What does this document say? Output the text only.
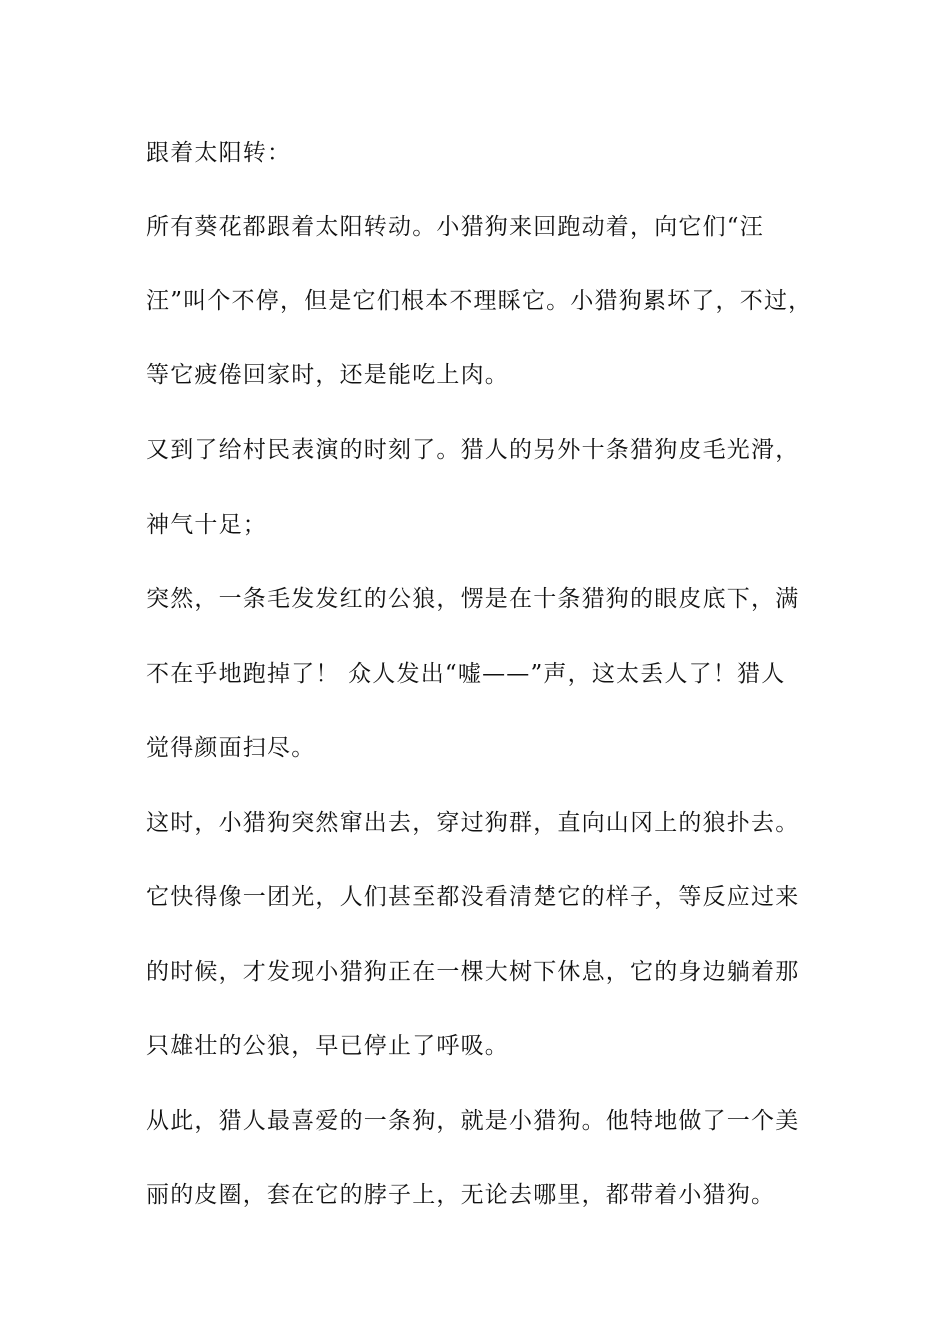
跟着太阳转：
所有葵花都跟着太阳转动。小猎狗来回跑动着，向它们“汪
汪”叫个不停，但是它们根本不理睬它。小猎狗累坏了，不过，
等它疲倦回家时，还是能吃上肉。
又到了给村民表演的时刻了。猎人的另外十条猎狗皮毛光滑，
神气十足；
突然，一条毛发发红的公狼，愣是在十条猎狗的眼皮底下，满
不在乎地跑掉了！ 众人发出“嘘——”声，这太丢人了！猎人
觉得颜面扫尽。
这时，小猎狗突然窜出去，穿过狗群，直向山冈上的狼扑去。
它快得像一团光，人们甚至都没看清楚它的样子，等反应过来
的时候，才发现小猎狗正在一棵大树下休息，它的身边躺着那
只雄壮的公狼，早已停止了呼吸。
从此，猎人最喜爱的一条狗，就是小猎狗。他特地做了一个美
丽的皮圈，套在它的脖子上，无论去哪里，都带着小猎狗。
